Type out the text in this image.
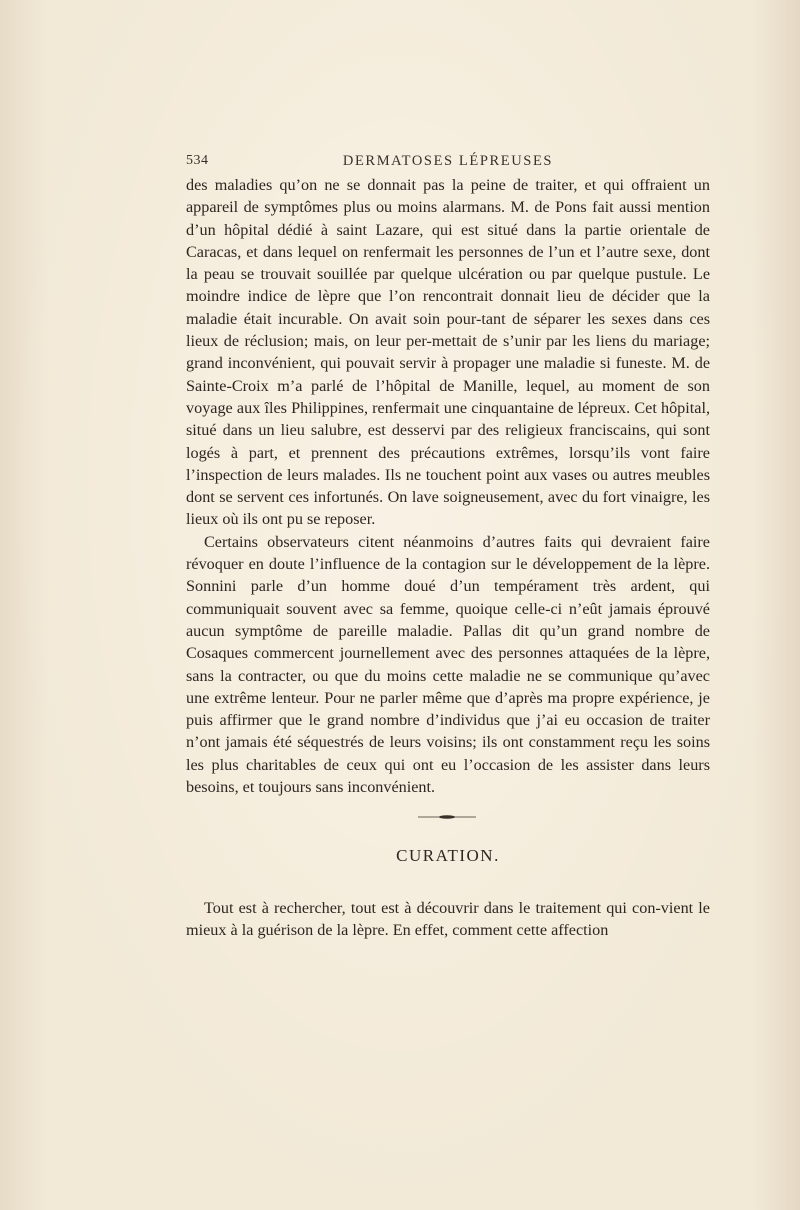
534	DERMATOSES LÉPREUSES

des maladies qu’on ne se donnait pas la peine de traiter, et qui offraient un appareil de symptômes plus ou moins alarmans. M. de Pons fait aussi mention d’un hôpital dédié à saint Lazare, qui est situé dans la partie orientale de Caracas, et dans lequel on renfermait les personnes de l’un et l’autre sexe, dont la peau se trouvait souillée par quelque ulcération ou par quelque pustule. Le moindre indice de lèpre que l’on rencontrait donnait lieu de décider que la maladie était incurable. On avait soin pour-tant de séparer les sexes dans ces lieux de réclusion; mais, on leur per-mettait de s’unir par les liens du mariage; grand inconvénient, qui pouvait servir à propager une maladie si funeste. M. de Sainte-Croix m’a parlé de l’hôpital de Manille, lequel, au moment de son voyage aux îles Philippines, renfermait une cinquantaine de lépreux. Cet hôpital, situé dans un lieu salubre, est desservi par des religieux franciscains, qui sont logés à part, et prennent des précautions extrêmes, lorsqu’ils vont faire l’inspection de leurs malades. Ils ne touchent point aux vases ou autres meubles dont se servent ces infortunés. On lave soigneusement, avec du fort vinaigre, les lieux où ils ont pu se reposer.

Certains observateurs citent néanmoins d’autres faits qui devraient faire révoquer en doute l’influence de la contagion sur le développement de la lèpre. Sonnini parle d’un homme doué d’un tempérament très ardent, qui communiquait souvent avec sa femme, quoique celle-ci n’eût jamais éprouvé aucun symptôme de pareille maladie. Pallas dit qu’un grand nombre de Cosaques commercent journellement avec des personnes attaquées de la lèpre, sans la contracter, ou que du moins cette maladie ne se communique qu’avec une extrême lenteur. Pour ne parler même que d’après ma propre expérience, je puis affirmer que le grand nombre d’individus que j’ai eu occasion de traiter n’ont jamais été séquestrés de leurs voisins; ils ont constamment reçu les soins les plus charitables de ceux qui ont eu l’occasion de les assister dans leurs besoins, et toujours sans inconvénient.

CURATION.

Tout est à rechercher, tout est à découvrir dans le traitement qui con-vient le mieux à la guérison de la lèpre. En effet, comment cette affection
